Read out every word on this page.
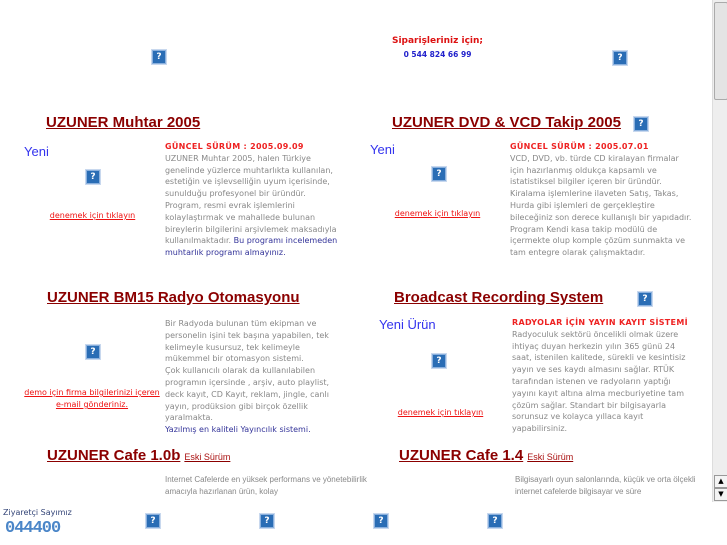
?
Siparişleriniz için;
0 544 824 66 99	?
UZUNER Muhtar 2005
Yeni
?
denemek için tıklayın
GÜNCEL SÜRÜM : 2005.09.09
UZUNER Muhtar 2005, halen Türkiye genelinde yüzlerce muhtarlıkta kullanılan, estetiğin ve işlevselliğin uyum içerisinde, sunulduğu profesyonel bir üründür. Program, resmi evrak işlemlerini kolaylaştırmak ve mahallede bulunan bireylerin bilgilerini arşivlemek maksadıyla kullanılmaktadır. Bu programı incelemeden muhtarlık programı almayınız.
UZUNER DVD & VCD Takip 2005	?
Yeni
?
denemek için tıklayın
GÜNCEL SÜRÜM : 2005.07.01
VCD, DVD, vb. türde CD kiralayan firmalar için hazırlanmış oldukça kapsamlı ve istatistiksel bilgiler içeren bir üründür. Kiralama işlemlerine ilaveten Satış, Takas, Hurda gibi işlemleri de gerçekleştire bileceğiniz son derece kullanışlı bir yapıdadır. Program Kendi kasa takip modülü de içermekte olup komple çözüm sunmakta ve tam entegre olarak çalışmaktadır.
UZUNER BM15 Radyo Otomasyonu
?
demo için firma bilgilerinizi içeren e-mail gönderiniz.
Bir Radyoda bulunan tüm ekipman ve personelin işini tek başına yapabilen, tek kelimeyle kusursuz, tek kelimeyle mükemmel bir otomasyon sistemi.
Çok kullanıcılı olarak da kullanılabilen programın içersinde , arşiv, auto playlist, deck kayıt, CD Kayıt, reklam, jingle, canlı yayın, prodüksion gibi birçok özellik yaralmakta.
Yazılmış en kaliteli Yayıncılık sistemi.
Broadcast Recording System	?
Yeni Ürün
?
denemek için tıklayın
RADYOLAR İÇİN YAYIN KAYIT SİSTEMİ
Radyoculuk sektörü öncelikli olmak üzere ihtiyaç duyan herkezin yılın 365 günü 24 saat, istenilen kalitede, sürekli ve kesintisiz yayın ve ses kaydı almasını sağlar. RTÜK tarafından istenen ve radyoların yaptığı yayını kayıt altına alma mecburiyetine tam çözüm sağlar. Standart bir bilgisayarla sorunsuz ve kolayca yıllaca kayıt yapabilirsiniz.
UZUNER Cafe 1.0b Eski Sürüm
Internet Cafelerde en yüksek performans ve yönetebilirlik amacıyla hazırlanan ürün, kolay
UZUNER Cafe 1.4 Eski Sürüm
Bilgisayarlı oyun salonlarında, küçük ve orta ölçekli internet cafelerde bilgisayar ve süre
▲
▼
Ziyaretçi Sayımız
044400	?	?	?	?
